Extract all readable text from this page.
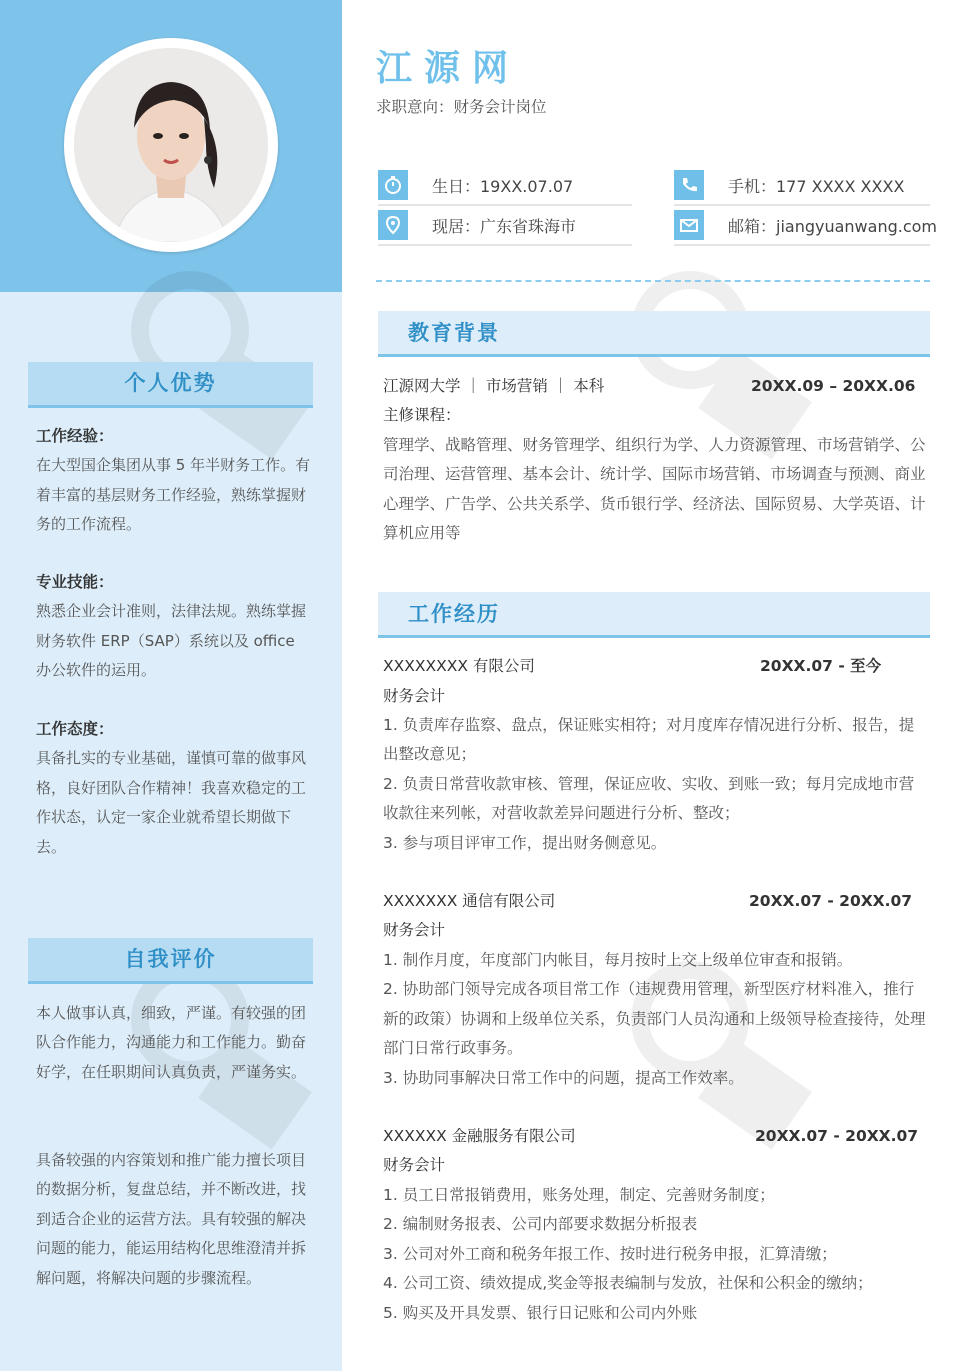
个人优势

工作经验：

在大型国企集团从事 5 年半财务工作。有着丰富的基层财务工作经验，熟练掌握财务的工作流程。

专业技能：

熟悉企业会计准则，法律法规。熟练掌握财务软件 ERP（SAP）系统以及 office 办公软件的运用。

工作态度：

具备扎实的专业基础，谨慎可靠的做事风格，良好团队合作精神！我喜欢稳定的工作状态，认定一家企业就希望长期做下去。

自我评价

本人做事认真，细致，严谨。有较强的团队合作能力，沟通能力和工作能力。勤奋好学，在任职期间认真负责，严谨务实。

具备较强的内容策划和推广能力擅长项目的数据分析，复盘总结，并不断改进，找到适合企业的运营方法。具有较强的解决问题的能力，能运用结构化思维澄清并拆解问题，将解决问题的步骤流程。

江源网
求职意向：财务会计岗位
生日：19XX.07.07	手机：177 XXXX XXXX
现居：广东省珠海市	邮箱：jiangyuanwang.com
教育背景
江源网大学 ｜ 市场营销 ｜ 本科	20XX.09 – 20XX.06
主修课程：

管理学、战略管理、财务管理学、组织行为学、人力资源管理、市场营销学、公司治理、运营管理、基本会计、统计学、国际市场营销、市场调查与预测、商业心理学、广告学、公共关系学、货币银行学、经济法、国际贸易、大学英语、计算机应用等

工作经历
XXXXXXXX 有限公司	20XX.07 - 至今
财务会计

1. 负责库存监察、盘点，保证账实相符；对月度库存情况进行分析、报告，提出整改意见；

2. 负责日常营收款审核、管理，保证应收、实收、到账一致；每月完成地市营收款往来列帐，对营收款差异问题进行分析、整改；

3. 参与项目评审工作，提出财务侧意见。

XXXXXXX 通信有限公司	20XX.07 - 20XX.07
财务会计

1. 制作月度，年度部门内帐目，每月按时上交上级单位审查和报销。

2. 协助部门领导完成各项目常工作（违规费用管理，新型医疗材料准入，推行新的政策）协调和上级单位关系，负责部门人员沟通和上级领导检查接待，处理部门日常行政事务。

3. 协助同事解决日常工作中的问题，提高工作效率。

XXXXXX 金融服务有限公司	20XX.07 - 20XX.07
财务会计

1. 员工日常报销费用，账务处理，制定、完善财务制度；

2. 编制财务报表、公司内部要求数据分析报表

3. 公司对外工商和税务年报工作、按时进行税务申报，汇算清缴；

4. 公司工资、绩效提成,奖金等报表编制与发放，社保和公积金的缴纳；

5. 购买及开具发票、银行日记账和公司内外账
